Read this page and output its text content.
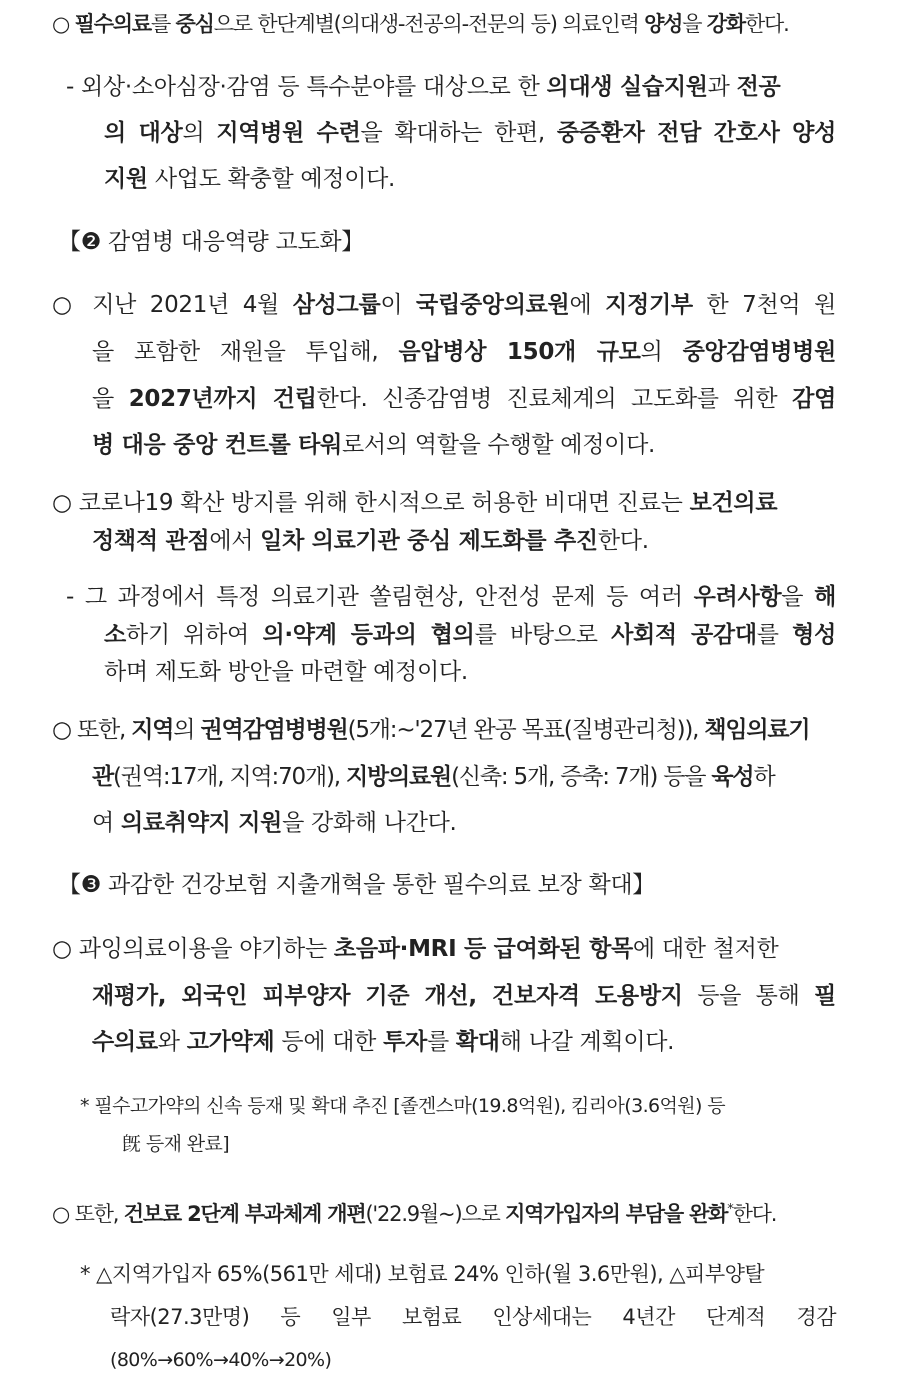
○ 필수의료를 중심으로 한단계별(의대생-전공의-전문의 등) 의료인력 양성을 강화한다.
- 외상·소아심장·감염 등 특수분야를 대상으로 한 의대생 실습지원과 전공
의 대상의 지역병원 수련을 확대하는 한편, 중증환자 전담 간호사 양성
지원 사업도 확충할 예정이다.
【❷ 감염병 대응역량 고도화】
○ 지난 2021년 4월 삼성그룹이 국립중앙의료원에 지정기부 한 7천억 원
을 포함한 재원을 투입해, 음압병상 150개 규모의 중앙감염병병원
을 2027년까지 건립한다. 신종감염병 진료체계의 고도화를 위한 감염
병 대응 중앙 컨트롤 타워로서의 역할을 수행할 예정이다.
○ 코로나19 확산 방지를 위해 한시적으로 허용한 비대면 진료는 보건의료
정책적 관점에서 일차 의료기관 중심 제도화를 추진한다.
- 그 과정에서 특정 의료기관 쏠림현상, 안전성 문제 등 여러 우려사항을 해
소하기 위하여 의·약계 등과의 협의를 바탕으로 사회적 공감대를 형성
하며 제도화 방안을 마련할 예정이다.
○ 또한, 지역의 권역감염병병원(5개:~'27년 완공 목표(질병관리청)), 책임의료기
관(권역:17개, 지역:70개), 지방의료원(신축: 5개, 증축: 7개) 등을 육성하
여 의료취약지 지원을 강화해 나간다.
【❸ 과감한 건강보험 지출개혁을 통한 필수의료 보장 확대】
○ 과잉의료이용을 야기하는 초음파·MRI 등 급여화된 항목에 대한 철저한
재평가, 외국인 피부양자 기준 개선, 건보자격 도용방지 등을 통해 필
수의료와 고가약제 등에 대한 투자를 확대해 나갈 계획이다.
* 필수고가약의 신속 등재 및 확대 추진 [졸겐스마(19.8억원), 킴리아(3.6억원) 등
旣 등재 완료]
○ 또한, 건보료 2단계 부과체계 개편('22.9월~)으로 지역가입자의 부담을 완화*한다.
* △지역가입자 65%(561만 세대) 보험료 24% 인하(월 3.6만원), △피부양탈
락자(27.3만명) 등 일부 보험료 인상세대는 4년간 단계적 경감
(80%→60%→40%→20%)
